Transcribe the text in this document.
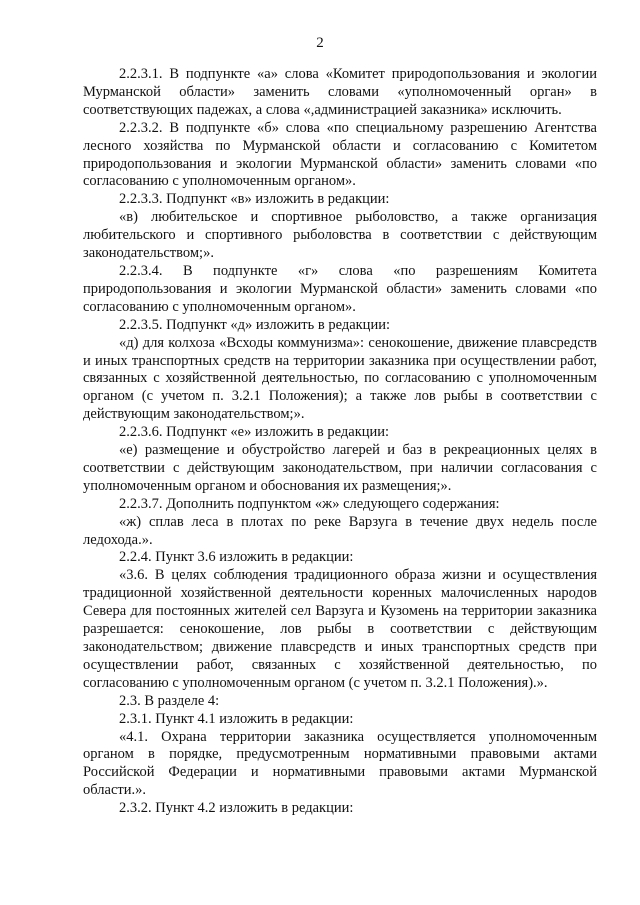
2

2.2.3.1. В подпункте «а» слова «Комитет природопользования и экологии Мурманской области» заменить словами «уполномоченный орган» в соответствующих падежах, а слова «,администрацией заказника» исключить.

2.2.3.2. В подпункте «б» слова «по специальному разрешению Агентства лесного хозяйства по Мурманской области и согласованию с Комитетом природопользования и экологии Мурманской области» заменить словами «по согласованию с уполномоченным органом».

2.2.3.3. Подпункт «в» изложить в редакции:

«в) любительское и спортивное рыболовство, а также организация любительского и спортивного рыболовства в соответствии с действующим законодательством;».

2.2.3.4. В подпункте «г» слова «по разрешениям Комитета природопользования и экологии Мурманской области» заменить словами «по согласованию с уполномоченным органом».

2.2.3.5. Подпункт «д» изложить в редакции:

«д) для колхоза «Всходы коммунизма»: сенокошение, движение плавсредств и иных транспортных средств на территории заказника при осуществлении работ, связанных с хозяйственной деятельностью, по согласованию с уполномоченным органом (с учетом п. 3.2.1 Положения); а также лов рыбы в соответствии с действующим законодательством;».

2.2.3.6. Подпункт «е» изложить в редакции:

«е) размещение и обустройство лагерей и баз в рекреационных целях в соответствии с действующим законодательством, при наличии согласования с уполномоченным органом и обоснования их размещения;».

2.2.3.7. Дополнить подпунктом «ж» следующего содержания:

«ж) сплав леса в плотах по реке Варзуга в течение двух недель после ледохода.».

2.2.4. Пункт 3.6 изложить в редакции:

«3.6. В целях соблюдения традиционного образа жизни и осуществления традиционной хозяйственной деятельности коренных малочисленных народов Севера для постоянных жителей сел Варзуга и Кузомень на территории заказника разрешается: сенокошение, лов рыбы в соответствии с действующим законодательством; движение плавсредств и иных транспортных средств при осуществлении работ, связанных с хозяйственной деятельностью, по согласованию с уполномоченным органом (с учетом п. 3.2.1 Положения).».

2.3. В разделе 4:

2.3.1. Пункт 4.1 изложить в редакции:

«4.1. Охрана территории заказника осуществляется уполномоченным органом в порядке, предусмотренным нормативными правовыми актами Российской Федерации и нормативными правовыми актами Мурманской области.».

2.3.2. Пункт 4.2 изложить в редакции:
